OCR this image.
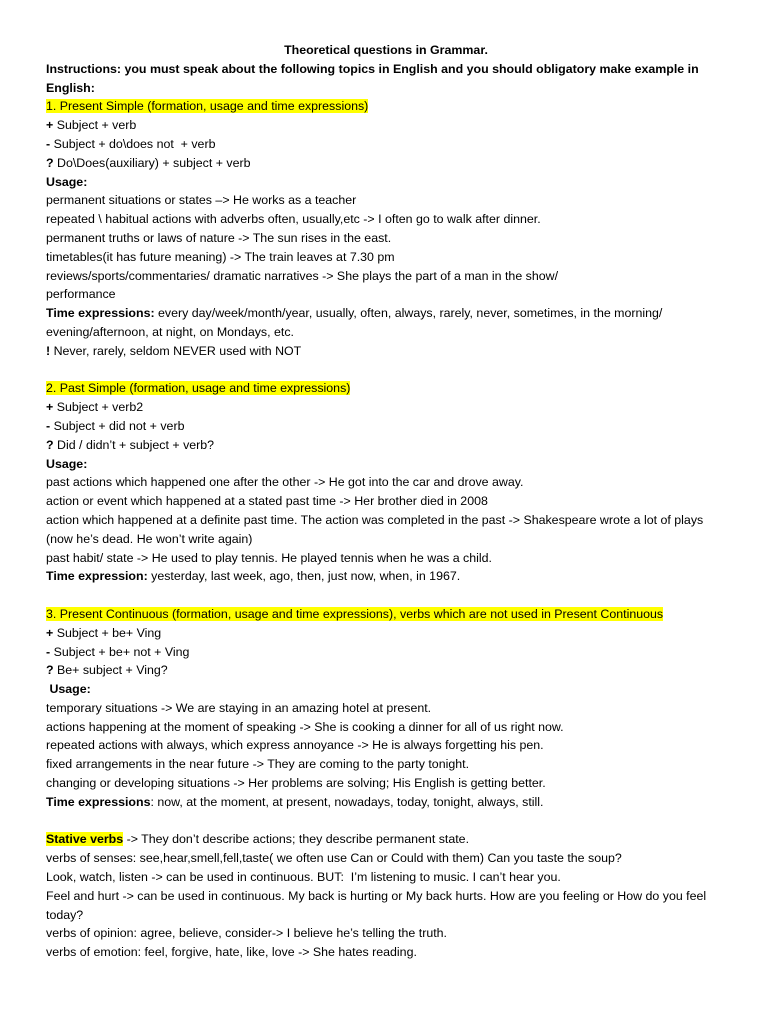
Theoretical questions in Grammar.
Instructions: you must speak about the following topics in English and you should obligatory make example in English:
1. Present Simple (formation, usage and time expressions)
+ Subject + verb
- Subject + do\does not  + verb
? Do\Does(auxiliary) + subject + verb
Usage:
permanent situations or states –> He works as a teacher
repeated \ habitual actions with adverbs often, usually,etc -> I often go to walk after dinner.
permanent truths or laws of nature -> The sun rises in the east.
timetables(it has future meaning) -> The train leaves at 7.30 pm
reviews/sports/commentaries/ dramatic narratives -> She plays the part of a man in the show/
performance
Time expressions: every day/week/month/year, usually, often, always, rarely, never, sometimes, in the morning/ evening/afternoon, at night, on Mondays, etc.
! Never, rarely, seldom NEVER used with NOT
2. Past Simple (formation, usage and time expressions)
+ Subject + verb2
- Subject + did not + verb
? Did / didn’t + subject + verb?
Usage:
past actions which happened one after the other -> He got into the car and drove away.
action or event which happened at a stated past time -> Her brother died in 2008
action which happened at a definite past time. The action was completed in the past -> Shakespeare wrote a lot of plays (now he’s dead. He won’t write again)
past habit/ state -> He used to play tennis. He played tennis when he was a child.
Time expression: yesterday, last week, ago, then, just now, when, in 1967.
3. Present Continuous (formation, usage and time expressions), verbs which are not used in Present Continuous
+ Subject + be+ Ving
- Subject + be+ not + Ving
? Be+ subject + Ving?
Usage:
temporary situations -> We are staying in an amazing hotel at present.
actions happening at the moment of speaking -> She is cooking a dinner for all of us right now.
repeated actions with always, which express annoyance -> He is always forgetting his pen.
fixed arrangements in the near future -> They are coming to the party tonight.
changing or developing situations -> Her problems are solving; His English is getting better.
Time expressions: now, at the moment, at present, nowadays, today, tonight, always, still.
Stative verbs -> They don’t describe actions; they describe permanent state.
verbs of senses: see,hear,smell,fell,taste( we often use Can or Could with them) Can you taste the soup?
Look, watch, listen -> can be used in continuous. BUT:  I’m listening to music. I can’t hear you.
Feel and hurt -> can be used in continuous. My back is hurting or My back hurts. How are you feeling or How do you feel today?
verbs of opinion: agree, believe, consider-> I believe he’s telling the truth.
verbs of emotion: feel, forgive, hate, like, love -> She hates reading.
